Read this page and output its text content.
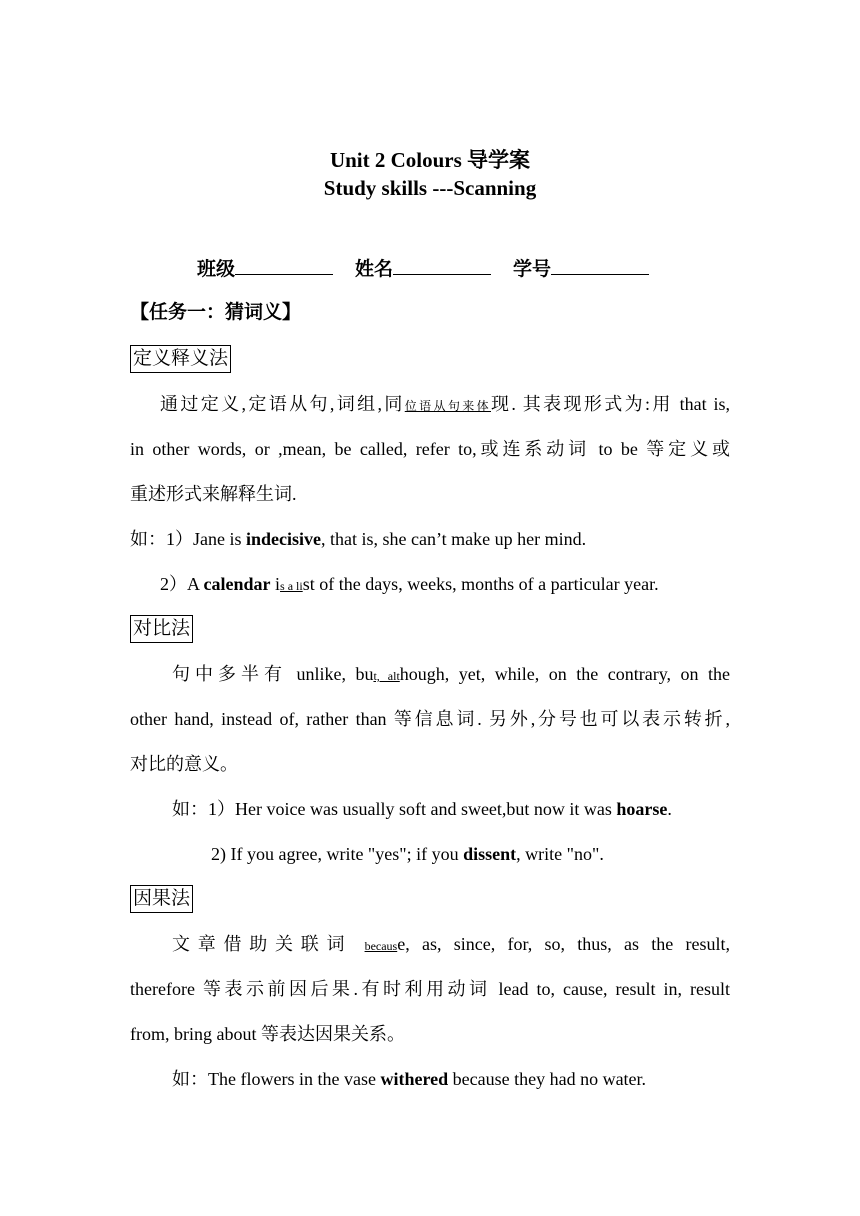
Unit 2 Colours 导学案
Study skills ---Scanning
班级	姓名	学号
【任务一：猜词义】
定义释义法
通过定义,定语从句,词组,同位语从句来体现. 其表现形式为:用 that is,
in other words, or ,mean, be called, refer to,或连系动词 to be 等定义或
重述形式来解释生词.
如：1）Jane is indecisive, that is, she can’t make up her mind.
2）A calendar is a list of the days, weeks, months of a particular year.
对比法
句中多半有 unlike, but, although, yet, while, on the contrary, on the
other hand, instead of, rather than 等信息词. 另外,分号也可以表示转折,
对比的意义。
如：1）Her voice was usually soft and sweet,but now it was hoarse.
2) If you agree, write "yes"; if you dissent, write "no".
因果法
文章借助关联词 because, as, since, for, so, thus, as the result,
therefore 等表示前因后果.有时利用动词 lead to, cause, result in, result
from, bring about 等表达因果关系。
如：The flowers in the vase withered because they had no water.
